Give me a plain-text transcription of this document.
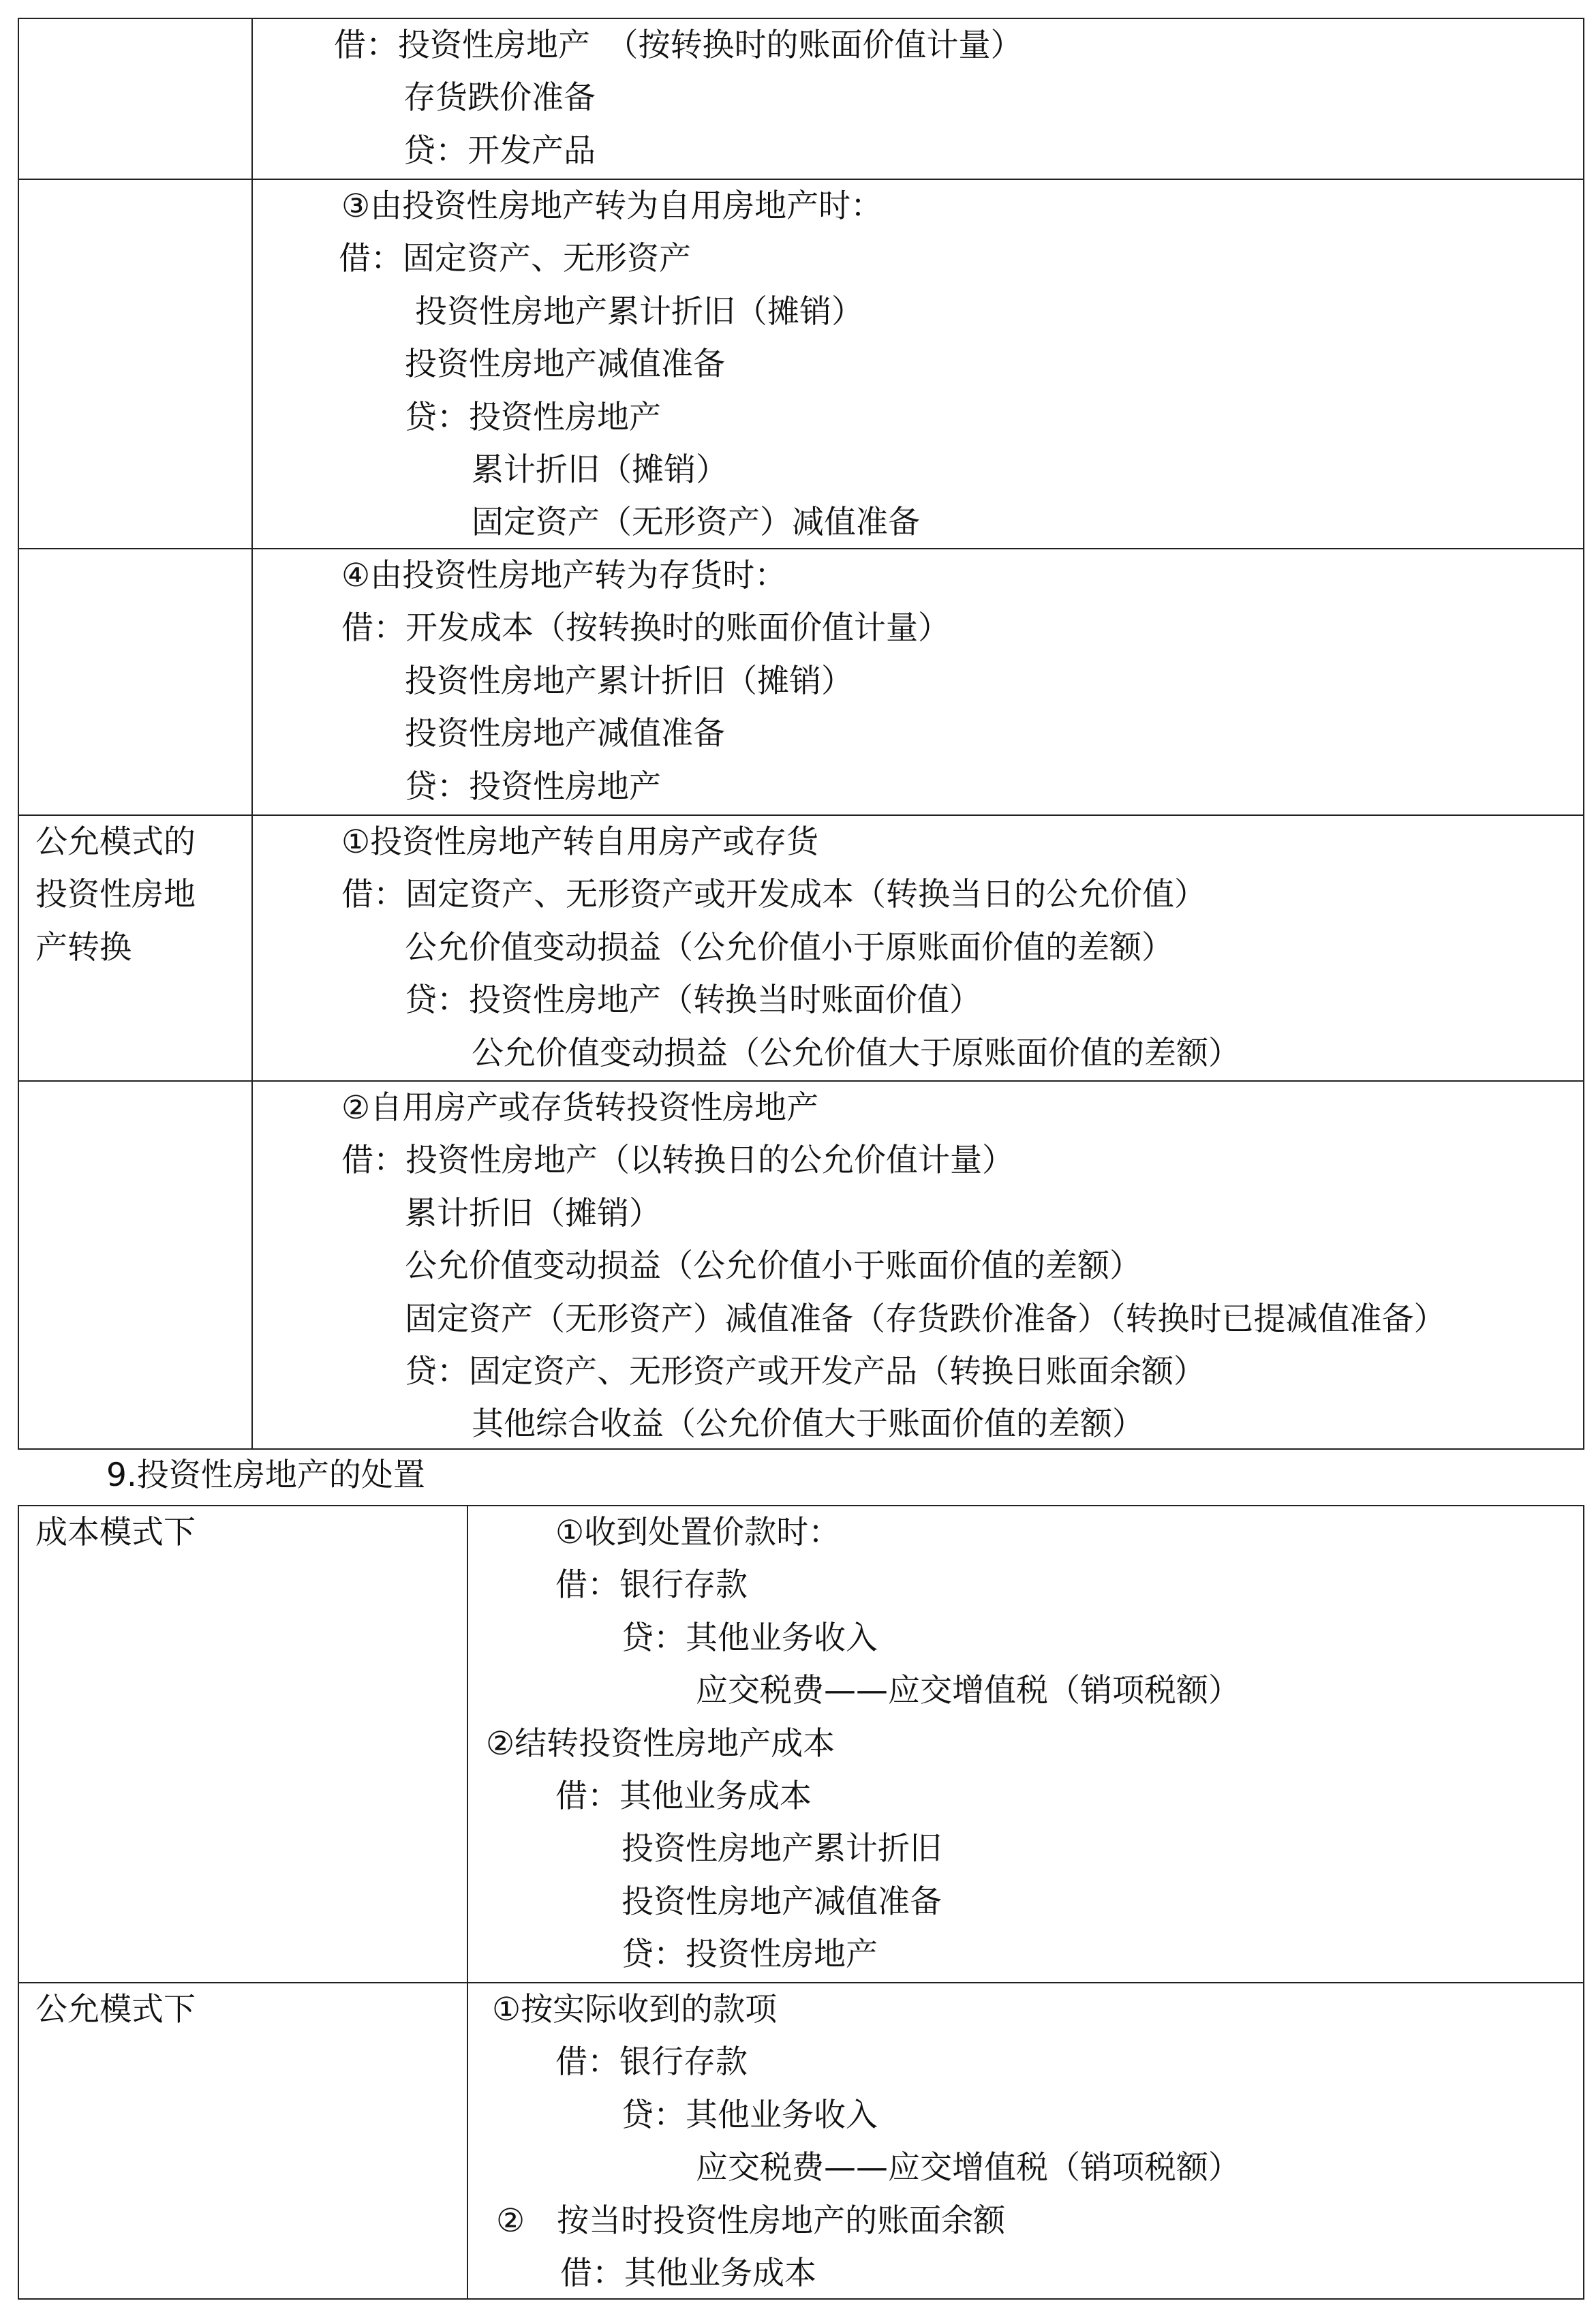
借：投资性房地产　（按转换时的账面价值计量）
存货跌价准备
贷：开发产品
③由投资性房地产转为自用房地产时：
借：固定资产、无形资产
投资性房地产累计折旧（摊销）
投资性房地产减值准备
贷：投资性房地产
累计折旧（摊销）
固定资产（无形资产）减值准备
④由投资性房地产转为存货时：
借：开发成本（按转换时的账面价值计量）
投资性房地产累计折旧（摊销）
投资性房地产减值准备
贷：投资性房地产
公允模式的
投资性房地
产转换
①投资性房地产转自用房产或存货
借：固定资产、无形资产或开发成本（转换当日的公允价值）
公允价值变动损益（公允价值小于原账面价值的差额）
贷：投资性房地产（转换当时账面价值）
公允价值变动损益（公允价值大于原账面价值的差额）
②自用房产或存货转投资性房地产
借：投资性房地产（以转换日的公允价值计量）
累计折旧（摊销）
公允价值变动损益（公允价值小于账面价值的差额）
固定资产（无形资产）减值准备（存货跌价准备）（转换时已提减值准备）
贷：固定资产、无形资产或开发产品（转换日账面余额）
其他综合收益（公允价值大于账面价值的差额）
9.投资性房地产的处置
成本模式下	①收到处置价款时：
借：银行存款
贷：其他业务收入
应交税费——应交增值税（销项税额）
②结转投资性房地产成本
借：其他业务成本
投资性房地产累计折旧
投资性房地产减值准备
贷：投资性房地产
公允模式下	①按实际收到的款项
借：银行存款
贷：其他业务收入
应交税费——应交增值税（销项税额）
②　按当时投资性房地产的账面余额
借：其他业务成本
